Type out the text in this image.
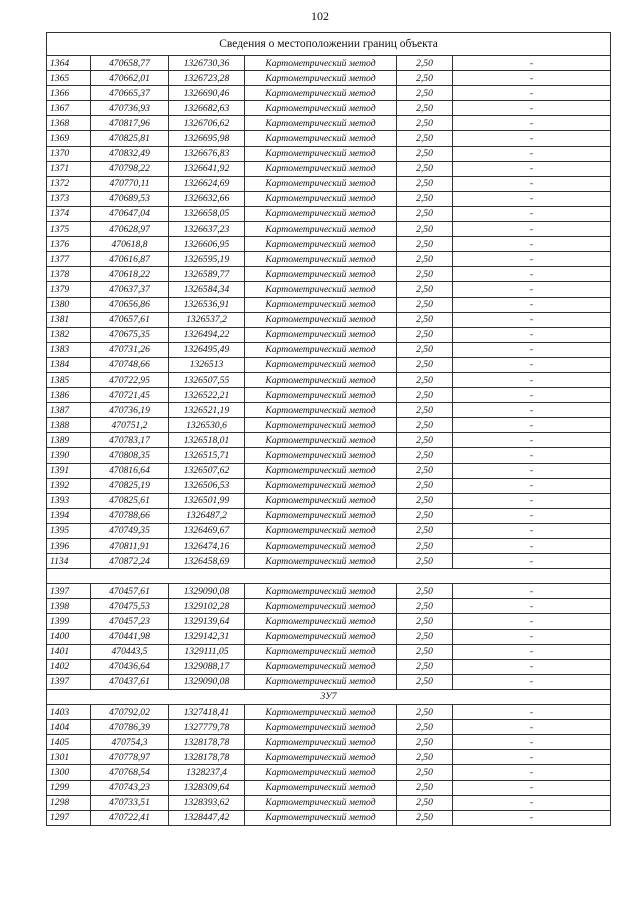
102
Сведения о местоположении границ объекта					
1364	470658,77	1326730,36	Картометрический метод	2,50	-
1365	470662,01	1326723,28	Картометрический метод	2,50	-
1366	470665,37	1326690,46	Картометрический метод	2,50	-
1367	470736,93	1326682,63	Картометрический метод	2,50	-
1368	470817,96	1326706,62	Картометрический метод	2,50	-
1369	470825,81	1326695,98	Картометрический метод	2,50	-
1370	470832,49	1326676,83	Картометрический метод	2,50	-
1371	470798,22	1326641,92	Картометрический метод	2,50	-
1372	470770,11	1326624,69	Картометрический метод	2,50	-
1373	470689,53	1326632,66	Картометрический метод	2,50	-
1374	470647,04	1326658,05	Картометрический метод	2,50	-
1375	470628,97	1326637,23	Картометрический метод	2,50	-
1376	470618,8	1326606,95	Картометрический метод	2,50	-
1377	470616,87	1326595,19	Картометрический метод	2,50	-
1378	470618,22	1326589,77	Картометрический метод	2,50	-
1379	470637,37	1326584,34	Картометрический метод	2,50	-
1380	470656,86	1326536,91	Картометрический метод	2,50	-
1381	470657,61	1326537,2	Картометрический метод	2,50	-
1382	470675,35	1326494,22	Картометрический метод	2,50	-
1383	470731,26	1326495,49	Картометрический метод	2,50	-
1384	470748,66	1326513	Картометрический метод	2,50	-
1385	470722,95	1326507,55	Картометрический метод	2,50	-
1386	470721,45	1326522,21	Картометрический метод	2,50	-
1387	470736,19	1326521,19	Картометрический метод	2,50	-
1388	470751,2	1326530,6	Картометрический метод	2,50	-
1389	470783,17	1326518,01	Картометрический метод	2,50	-
1390	470808,35	1326515,71	Картометрический метод	2,50	-
1391	470816,64	1326507,62	Картометрический метод	2,50	-
1392	470825,19	1326506,53	Картометрический метод	2,50	-
1393	470825,61	1326501,99	Картометрический метод	2,50	-
1394	470788,66	1326487,2	Картометрический метод	2,50	-
1395	470749,35	1326469,67	Картометрический метод	2,50	-
1396	470811,91	1326474,16	Картометрический метод	2,50	-
1134	470872,24	1326458,69	Картометрический метод	2,50	-

1397	470457,61	1329090,08	Картометрический метод	2,50	-
1398	470475,53	1329102,28	Картометрический метод	2,50	-
1399	470457,23	1329139,64	Картометрический метод	2,50	-
1400	470441,98	1329142,31	Картометрический метод	2,50	-
1401	470443,5	1329111,05	Картометрический метод	2,50	-
1402	470436,64	1329088,17	Картометрический метод	2,50	-
1397	470437,61	1329090,08	Картометрический метод	2,50	-
3У7					
1403	470792,02	1327418,41	Картометрический метод	2,50	-
1404	470786,39	1327779,78	Картометрический метод	2,50	-
1405	470754,3	1328178,78	Картометрический метод	2,50	-
1301	470778,97	1328178,78	Картометрический метод	2,50	-
1300	470768,54	1328237,4	Картометрический метод	2,50	-
1299	470743,23	1328309,64	Картометрический метод	2,50	-
1298	470733,51	1328393,62	Картометрический метод	2,50	-
1297	470722,41	1328447,42	Картометрический метод	2,50	-
